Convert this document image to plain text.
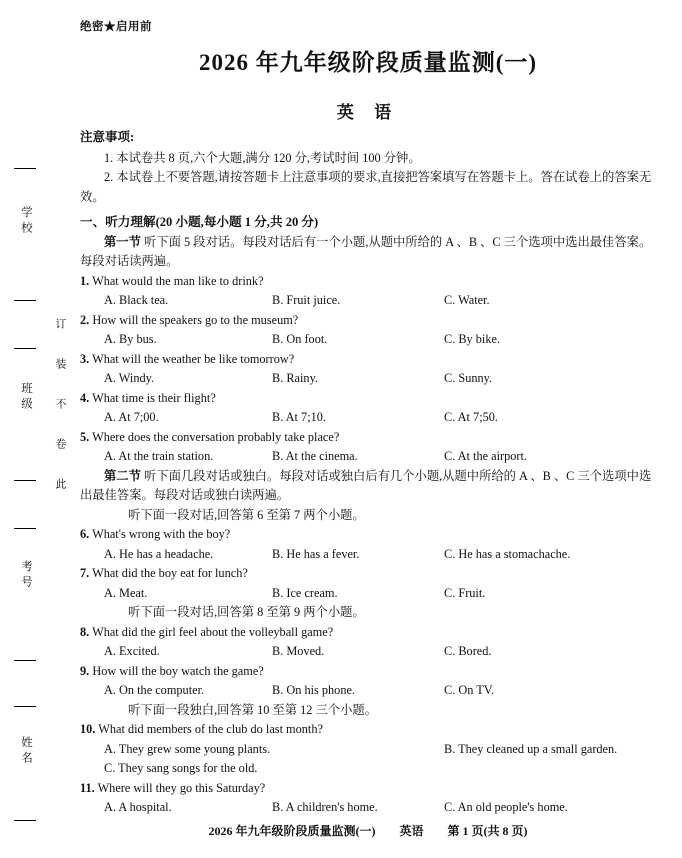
学校
班级
考号
姓名
订
装
不
卷
此
绝密★启用前
2026 年九年级阶段质量监测(一)
英 语

注意事项:

1. 本试卷共 8 页,六个大题,满分 120 分,考试时间 100 分钟。

2. 本试卷上不要答题,请按答题卡上注意事项的要求,直接把答案填写在答题卡上。答在试卷上的答案无效。

一、听力理解(20 小题,每小题 1 分,共 20 分)

第一节 听下面 5 段对话。每段对话后有一个小题,从题中所给的 A 、B 、C 三个选项中选出最佳答案。每段对话读两遍。

1. What would the man like to drink?

A. Black tea.	B. Fruit juice.	C. Water.

2. How will the speakers go to the museum?

A. By bus.	B. On foot.	C. By bike.

3. What will the weather be like tomorrow?

A. Windy.	B. Rainy.	C. Sunny.

4. What time is their flight?

A. At 7;00.	B. At 7;10.	C. At 7;50.

5. Where does the conversation probably take place?

A. At the train station.	B. At the cinema.	C. At the airport.

第二节 听下面几段对话或独白。每段对话或独白后有几个小题,从题中所给的 A 、B 、C 三个选项中选出最佳答案。每段对话或独白读两遍。

听下面一段对话,回答第 6 至第 7 两个小题。

6. What's wrong with the boy?

A. He has a headache.	B. He has a fever.	C. He has a stomachache.

7. What did the boy eat for lunch?

A. Meat.	B. Ice cream.	C. Fruit.

听下面一段对话,回答第 8 至第 9 两个小题。

8. What did the girl feel about the volleyball game?

A. Excited.	B. Moved.	C. Bored.

9. How will the boy watch the game?

A. On the computer.	B. On his phone.	C. On TV.

听下面一段独白,回答第 10 至第 12 三个小题。

10. What did members of the club do last month?

A. They grew some young plants.	B. They cleaned up a small garden.
C. They sang songs for the old.

11. Where will they go this Saturday?

A. A hospital.	B. A children's home.	C. An old people's home.
2026 年九年级阶段质量监测(一) 英语 第 1 页(共 8 页)
